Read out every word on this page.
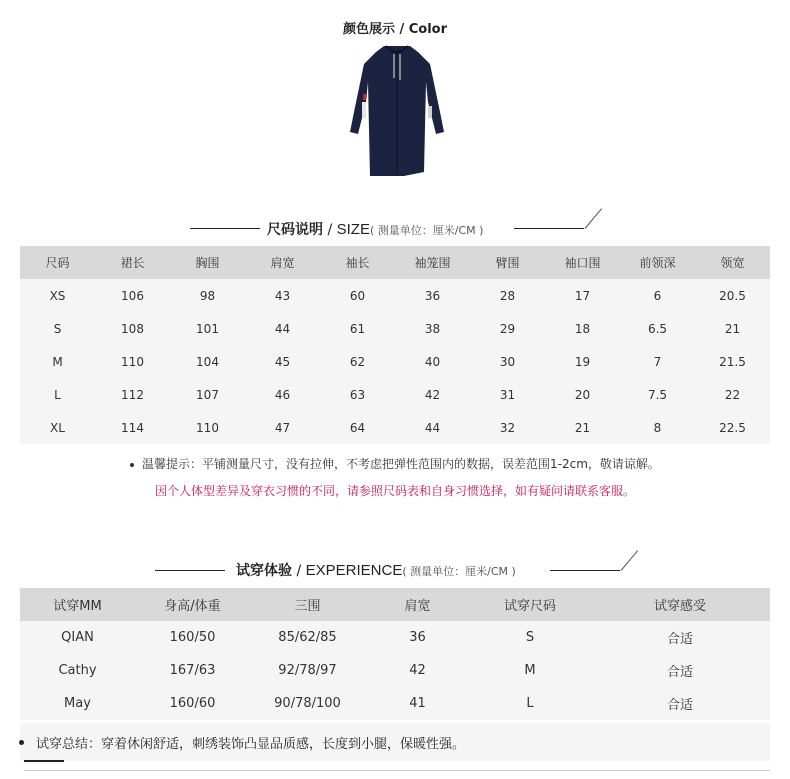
颜色展示 / Color
尺码说明 / SIZE( 测量单位：厘米/CM )
尺码	裙长	胸围	肩宽	袖长	袖笼围	臂围	袖口围	前领深	领宽
XS	106	98	43	60	36	28	17	6	20.5
S	108	101	44	61	38	29	18	6.5	21
M	110	104	45	62	40	30	19	7	21.5
L	112	107	46	63	42	31	20	7.5	22
XL	114	110	47	64	44	32	21	8	22.5
温馨提示：平铺测量尺寸，没有拉伸，不考虑把弹性范围内的数据，误差范围1-2cm，敬请谅解。
因个人体型差异及穿衣习惯的不同，请参照尺码表和自身习惯选择，如有疑问请联系客服。
试穿体验 / EXPERIENCE( 测量单位：厘米/CM )
试穿MM	身高/体重	三围	肩宽	试穿尺码	试穿感受
QIAN	160/50	85/62/85	36	S	合适
Cathy	167/63	92/78/97	42	M	合适
May	160/60	90/78/100	41	L	合适
试穿总结：穿着休闲舒适，刺绣装饰凸显品质感，长度到小腿，保暖性强。
